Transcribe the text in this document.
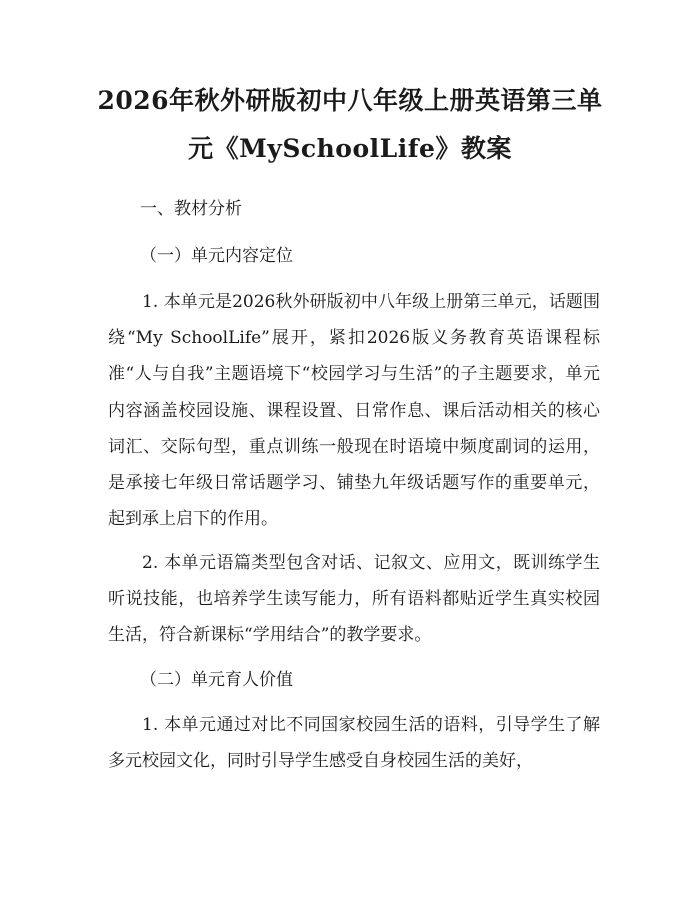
2026年秋外研版初中八年级上册英语第三单
元《MySchoolLife》教案

一、教材分析

（一）单元内容定位

1. 本单元是2026秋外研版初中八年级上册第三单元，话题围绕“My SchoolLife”展开，紧扣2026版义务教育英语课程标准“人与自我”主题语境下“校园学习与生活”的子主题要求，单元内容涵盖校园设施、课程设置、日常作息、课后活动相关的核心词汇、交际句型，重点训练一般现在时语境中频度副词的运用，是承接七年级日常话题学习、铺垫九年级话题写作的重要单元，起到承上启下的作用。

2. 本单元语篇类型包含对话、记叙文、应用文，既训练学生听说技能，也培养学生读写能力，所有语料都贴近学生真实校园生活，符合新课标“学用结合”的教学要求。

（二）单元育人价值

1. 本单元通过对比不同国家校园生活的语料，引导学生了解多元校园文化，同时引导学生感受自身校园生活的美好，
